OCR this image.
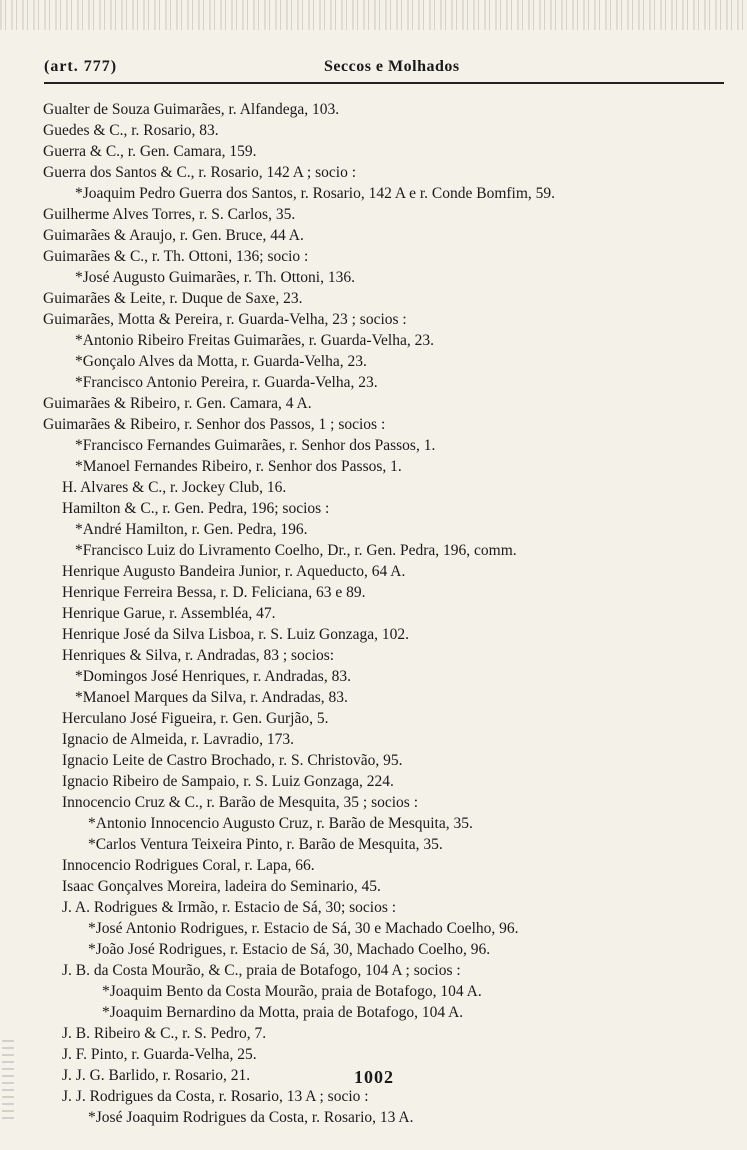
(art. 777)	Seccos e Molhados
Gualter de Souza Guimarães, r. Alfandega, 103.
Guedes & C., r. Rosario, 83.
Guerra & C., r. Gen. Camara, 159.
Guerra dos Santos & C., r. Rosario, 142 A ; socio :
*Joaquim Pedro Guerra dos Santos, r. Rosario, 142 A e r. Conde Bomfim, 59.
Guilherme Alves Torres, r. S. Carlos, 35.
Guimarães & Araujo, r. Gen. Bruce, 44 A.
Guimarães & C., r. Th. Ottoni, 136; socio :
*José Augusto Guimarães, r. Th. Ottoni, 136.
Guimarães & Leite, r. Duque de Saxe, 23.
Guimarães, Motta & Pereira, r. Guarda-Velha, 23 ; socios :
*Antonio Ribeiro Freitas Guimarães, r. Guarda-Velha, 23.
*Gonçalo Alves da Motta, r. Guarda-Velha, 23.
*Francisco Antonio Pereira, r. Guarda-Velha, 23.
Guimarães & Ribeiro, r. Gen. Camara, 4 A.
Guimarães & Ribeiro, r. Senhor dos Passos, 1 ; socios :
*Francisco Fernandes Guimarães, r. Senhor dos Passos, 1.
*Manoel Fernandes Ribeiro, r. Senhor dos Passos, 1.
H. Alvares & C., r. Jockey Club, 16.
Hamilton & C., r. Gen. Pedra, 196; socios :
*André Hamilton, r. Gen. Pedra, 196.
*Francisco Luiz do Livramento Coelho, Dr., r. Gen. Pedra, 196, comm.
Henrique Augusto Bandeira Junior, r. Aqueducto, 64 A.
Henrique Ferreira Bessa, r. D. Feliciana, 63 e 89.
Henrique Garue, r. Assembléa, 47.
Henrique José da Silva Lisboa, r. S. Luiz Gonzaga, 102.
Henriques & Silva, r. Andradas, 83 ; socios:
*Domingos José Henriques, r. Andradas, 83.
*Manoel Marques da Silva, r. Andradas, 83.
Herculano José Figueira, r. Gen. Gurjão, 5.
Ignacio de Almeida, r. Lavradio, 173.
Ignacio Leite de Castro Brochado, r. S. Christovão, 95.
Ignacio Ribeiro de Sampaio, r. S. Luiz Gonzaga, 224.
Innocencio Cruz & C., r. Barão de Mesquita, 35 ; socios :
*Antonio Innocencio Augusto Cruz, r. Barão de Mesquita, 35.
*Carlos Ventura Teixeira Pinto, r. Barão de Mesquita, 35.
Innocencio Rodrigues Coral, r. Lapa, 66.
Isaac Gonçalves Moreira, ladeira do Seminario, 45.
J. A. Rodrigues & Irmão, r. Estacio de Sá, 30; socios :
*José Antonio Rodrigues, r. Estacio de Sá, 30 e Machado Coelho, 96.
*João José Rodrigues, r. Estacio de Sá, 30, Machado Coelho, 96.
J. B. da Costa Mourão, & C., praia de Botafogo, 104 A ; socios :
*Joaquim Bento da Costa Mourão, praia de Botafogo, 104 A.
*Joaquim Bernardino da Motta, praia de Botafogo, 104 A.
J. B. Ribeiro & C., r. S. Pedro, 7.
J. F. Pinto, r. Guarda-Velha, 25.
J. J. G. Barlido, r. Rosario, 21.
J. J. Rodrigues da Costa, r. Rosario, 13 A ; socio :
*José Joaquim Rodrigues da Costa, r. Rosario, 13 A.
1002
